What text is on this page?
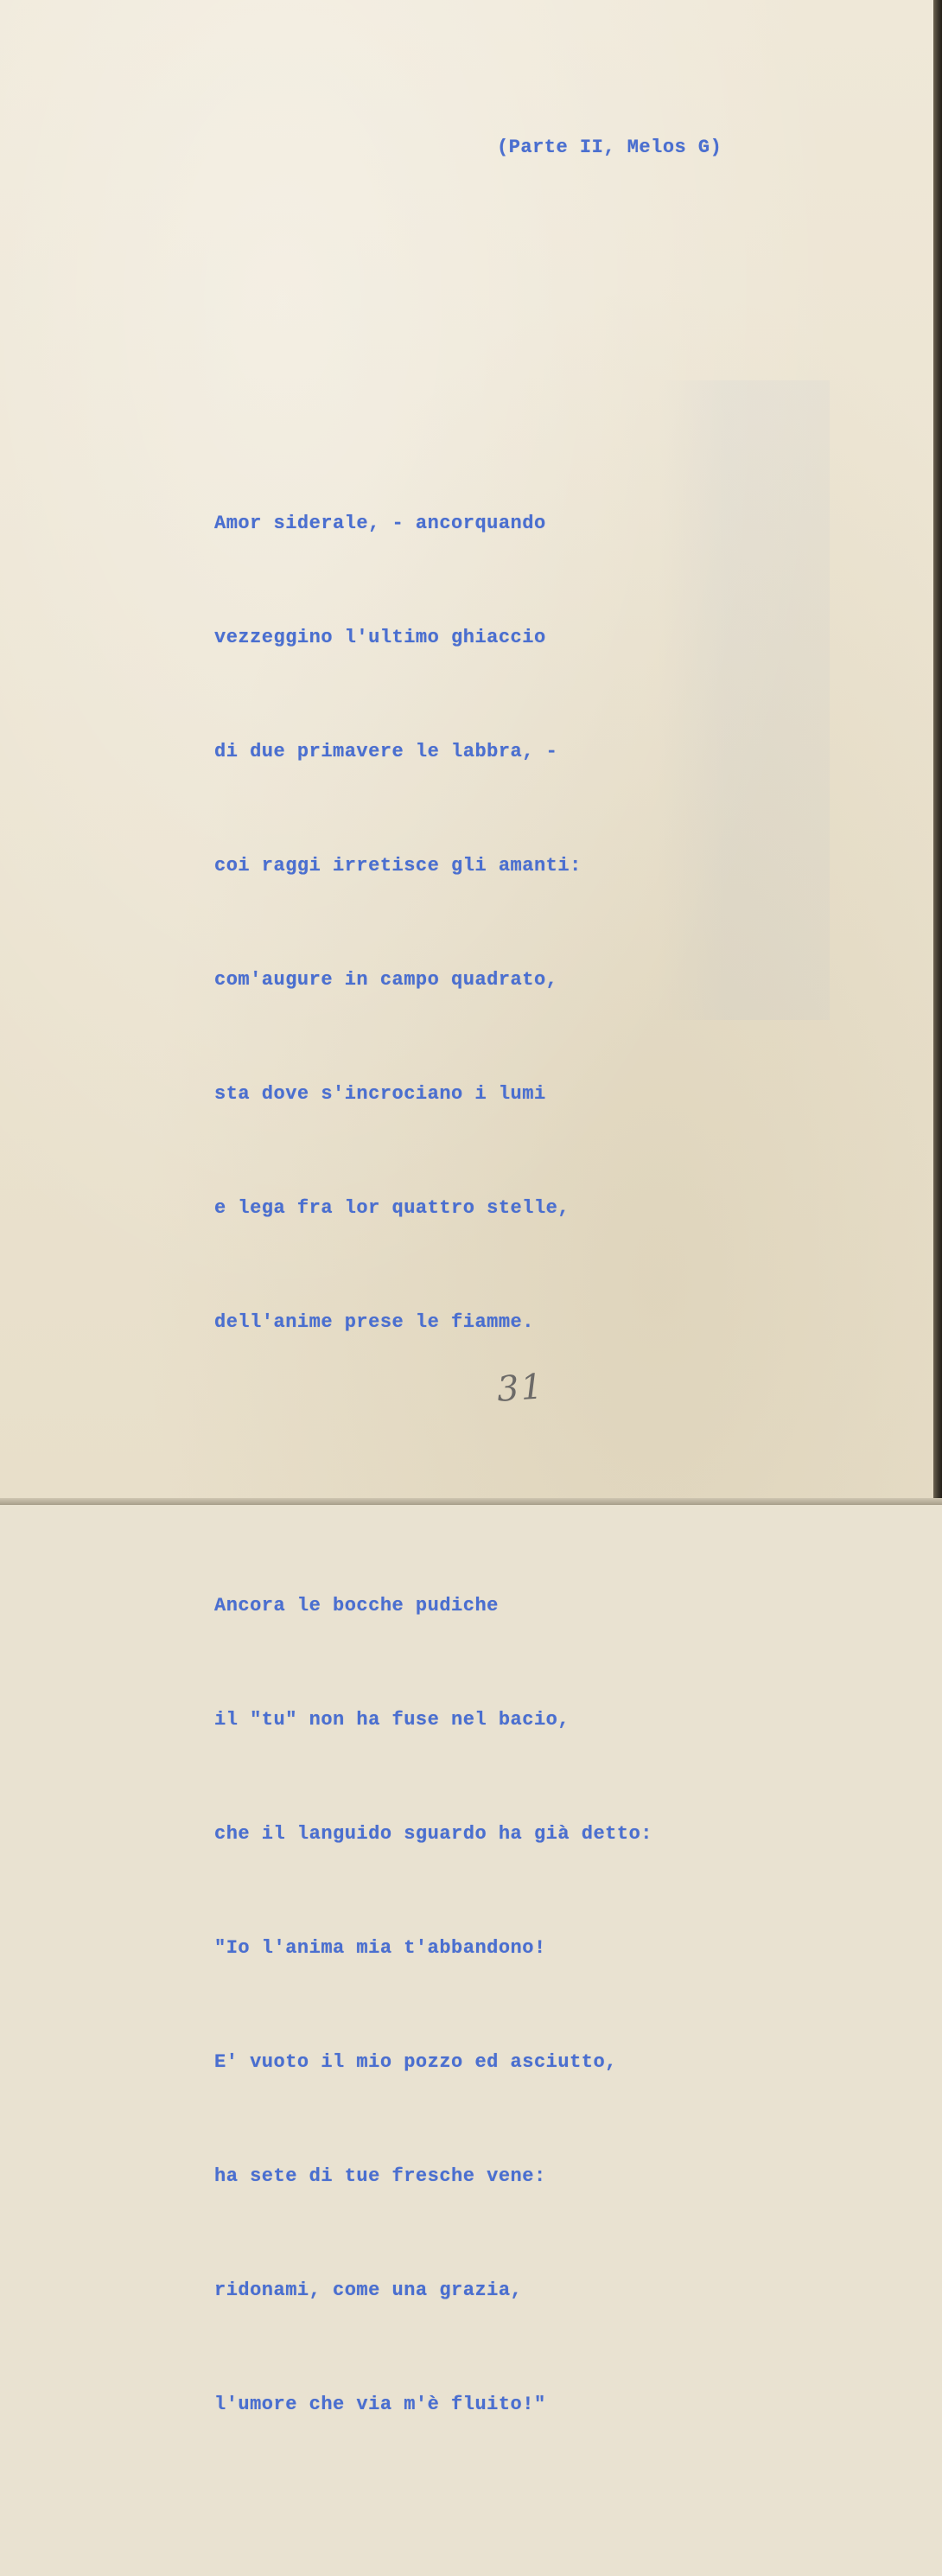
(Parte II, Melos G)

Amor siderale, - ancorquando

vezzeggino l'ultimo ghiaccio

di due primavere le labbra, -

coi raggi irretisce gli amanti:

com'augure in campo quadrato,

sta dove s'incrociano i lumi

e lega fra lor quattro stelle,

dell'anime prese le fiamme.

Ancora le bocche pudiche

il "tu" non ha fuse nel bacio,

che il languido sguardo ha già detto:

"Io l'anima mia t'abbandono!

E' vuoto il mio pozzo ed asciutto,

ha sete di tue fresche vene:

ridonami, come una grazia,

l'umore che via m'è fluito!"

31
